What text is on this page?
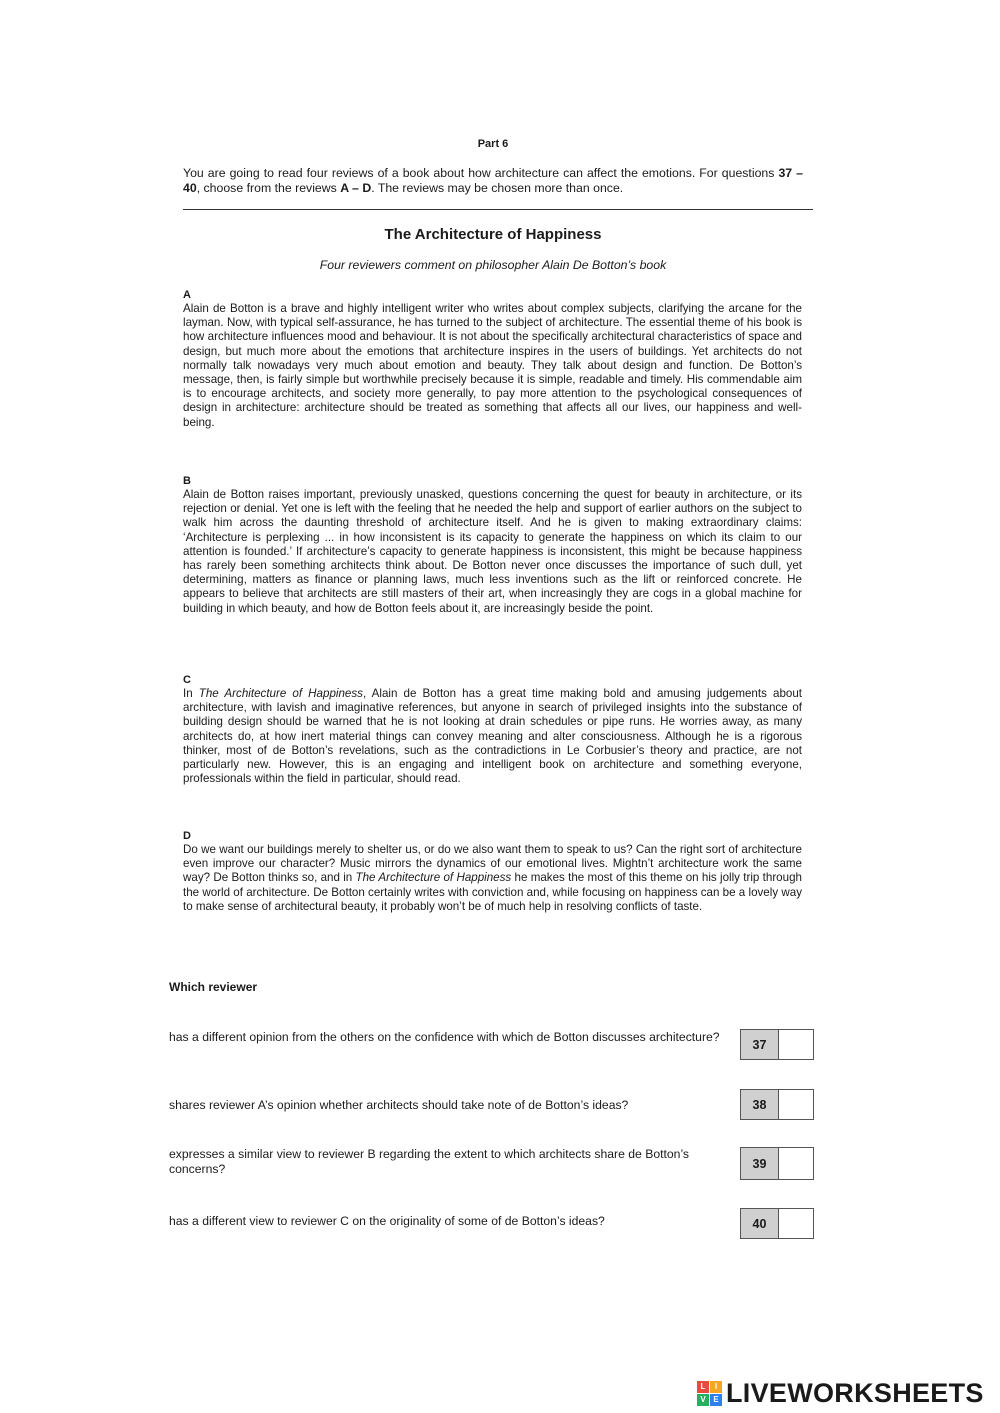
Part 6

You are going to read four reviews of a book about how architecture can affect the emotions. For questions 37 – 40, choose from the reviews A – D. The reviews may be chosen more than once.

The Architecture of Happiness
Four reviewers comment on philosopher Alain De Botton’s book
A

Alain de Botton is a brave and highly intelligent writer who writes about complex subjects, clarifying the arcane for the layman. Now, with typical self-assurance, he has turned to the subject of architecture. The essential theme of his book is how architecture influences mood and behaviour. It is not about the specifically architectural characteristics of space and design, but much more about the emotions that architecture inspires in the users of buildings. Yet architects do not normally talk nowadays very much about emotion and beauty. They talk about design and function. De Botton’s message, then, is fairly simple but worthwhile precisely because it is simple, readable and timely. His commendable aim is to encourage architects, and society more generally, to pay more attention to the psychological consequences of design in architecture: architecture should be treated as something that affects all our lives, our happiness and well-being.

B

Alain de Botton raises important, previously unasked, questions concerning the quest for beauty in architecture, or its rejection or denial. Yet one is left with the feeling that he needed the help and support of earlier authors on the subject to walk him across the daunting threshold of architecture itself. And he is given to making extraordinary claims: ‘Architecture is perplexing ... in how inconsistent is its capacity to generate the happiness on which its claim to our attention is founded.’ If architecture’s capacity to generate happiness is inconsistent, this might be because happiness has rarely been something architects think about. De Botton never once discusses the importance of such dull, yet determining, matters as finance or planning laws, much less inventions such as the lift or reinforced concrete. He appears to believe that architects are still masters of their art, when increasingly they are cogs in a global machine for building in which beauty, and how de Botton feels about it, are increasingly beside the point.

C

In The Architecture of Happiness, Alain de Botton has a great time making bold and amusing judgements about architecture, with lavish and imaginative references, but anyone in search of privileged insights into the substance of building design should be warned that he is not looking at drain schedules or pipe runs. He worries away, as many architects do, at how inert material things can convey meaning and alter consciousness. Although he is a rigorous thinker, most of de Botton’s revelations, such as the contradictions in Le Corbusier’s theory and practice, are not particularly new. However, this is an engaging and intelligent book on architecture and something everyone, professionals within the field in particular, should read.

D

Do we want our buildings merely to shelter us, or do we also want them to speak to us? Can the right sort of architecture even improve our character? Music mirrors the dynamics of our emotional lives. Mightn’t architecture work the same way? De Botton thinks so, and in The Architecture of Happiness he makes the most of this theme on his jolly trip through the world of architecture. De Botton certainly writes with conviction and, while focusing on happiness can be a lovely way to make sense of architectural beauty, it probably won’t be of much help in resolving conflicts of taste.

Which reviewer
has a different opinion from the others on the confidence with which de Botton discusses architecture?
37
shares reviewer A’s opinion whether architects should take note of de Botton’s ideas?	38
expresses a similar view to reviewer B regarding the extent to which architects share de Botton’s concerns?	39
has a different view to reviewer C on the originality of some of de Botton’s ideas?	40
L	I
V E LIVEWORKSHEETS
